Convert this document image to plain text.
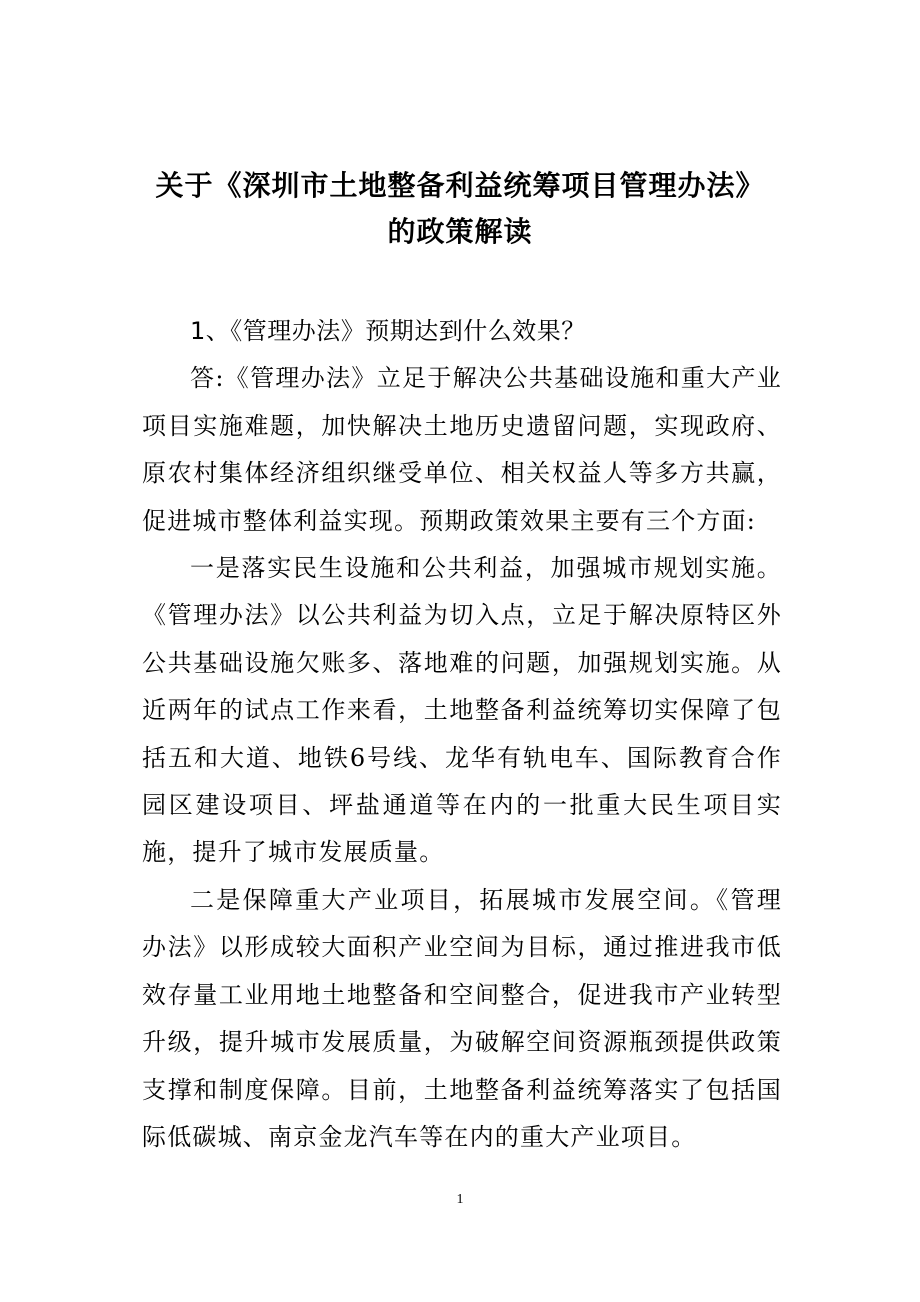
关于《深圳市土地整备利益统筹项目管理办法》
的政策解读

1、《管理办法》预期达到什么效果？

答:《管理办法》立足于解决公共基础设施和重大产业项目实施难题，加快解决土地历史遗留问题，实现政府、原农村集体经济组织继受单位、相关权益人等多方共赢，促进城市整体利益实现。预期政策效果主要有三个方面:

一是落实民生设施和公共利益，加强城市规划实施。《管理办法》以公共利益为切入点，立足于解决原特区外公共基础设施欠账多、落地难的问题，加强规划实施。从近两年的试点工作来看，土地整备利益统筹切实保障了包括五和大道、地铁6号线、龙华有轨电车、国际教育合作园区建设项目、坪盐通道等在内的一批重大民生项目实施，提升了城市发展质量。

二是保障重大产业项目，拓展城市发展空间。《管理办法》以形成较大面积产业空间为目标，通过推进我市低效存量工业用地土地整备和空间整合，促进我市产业转型升级，提升城市发展质量，为破解空间资源瓶颈提供政策支撑和制度保障。目前，土地整备利益统筹落实了包括国际低碳城、南京金龙汽车等在内的重大产业项目。

1
